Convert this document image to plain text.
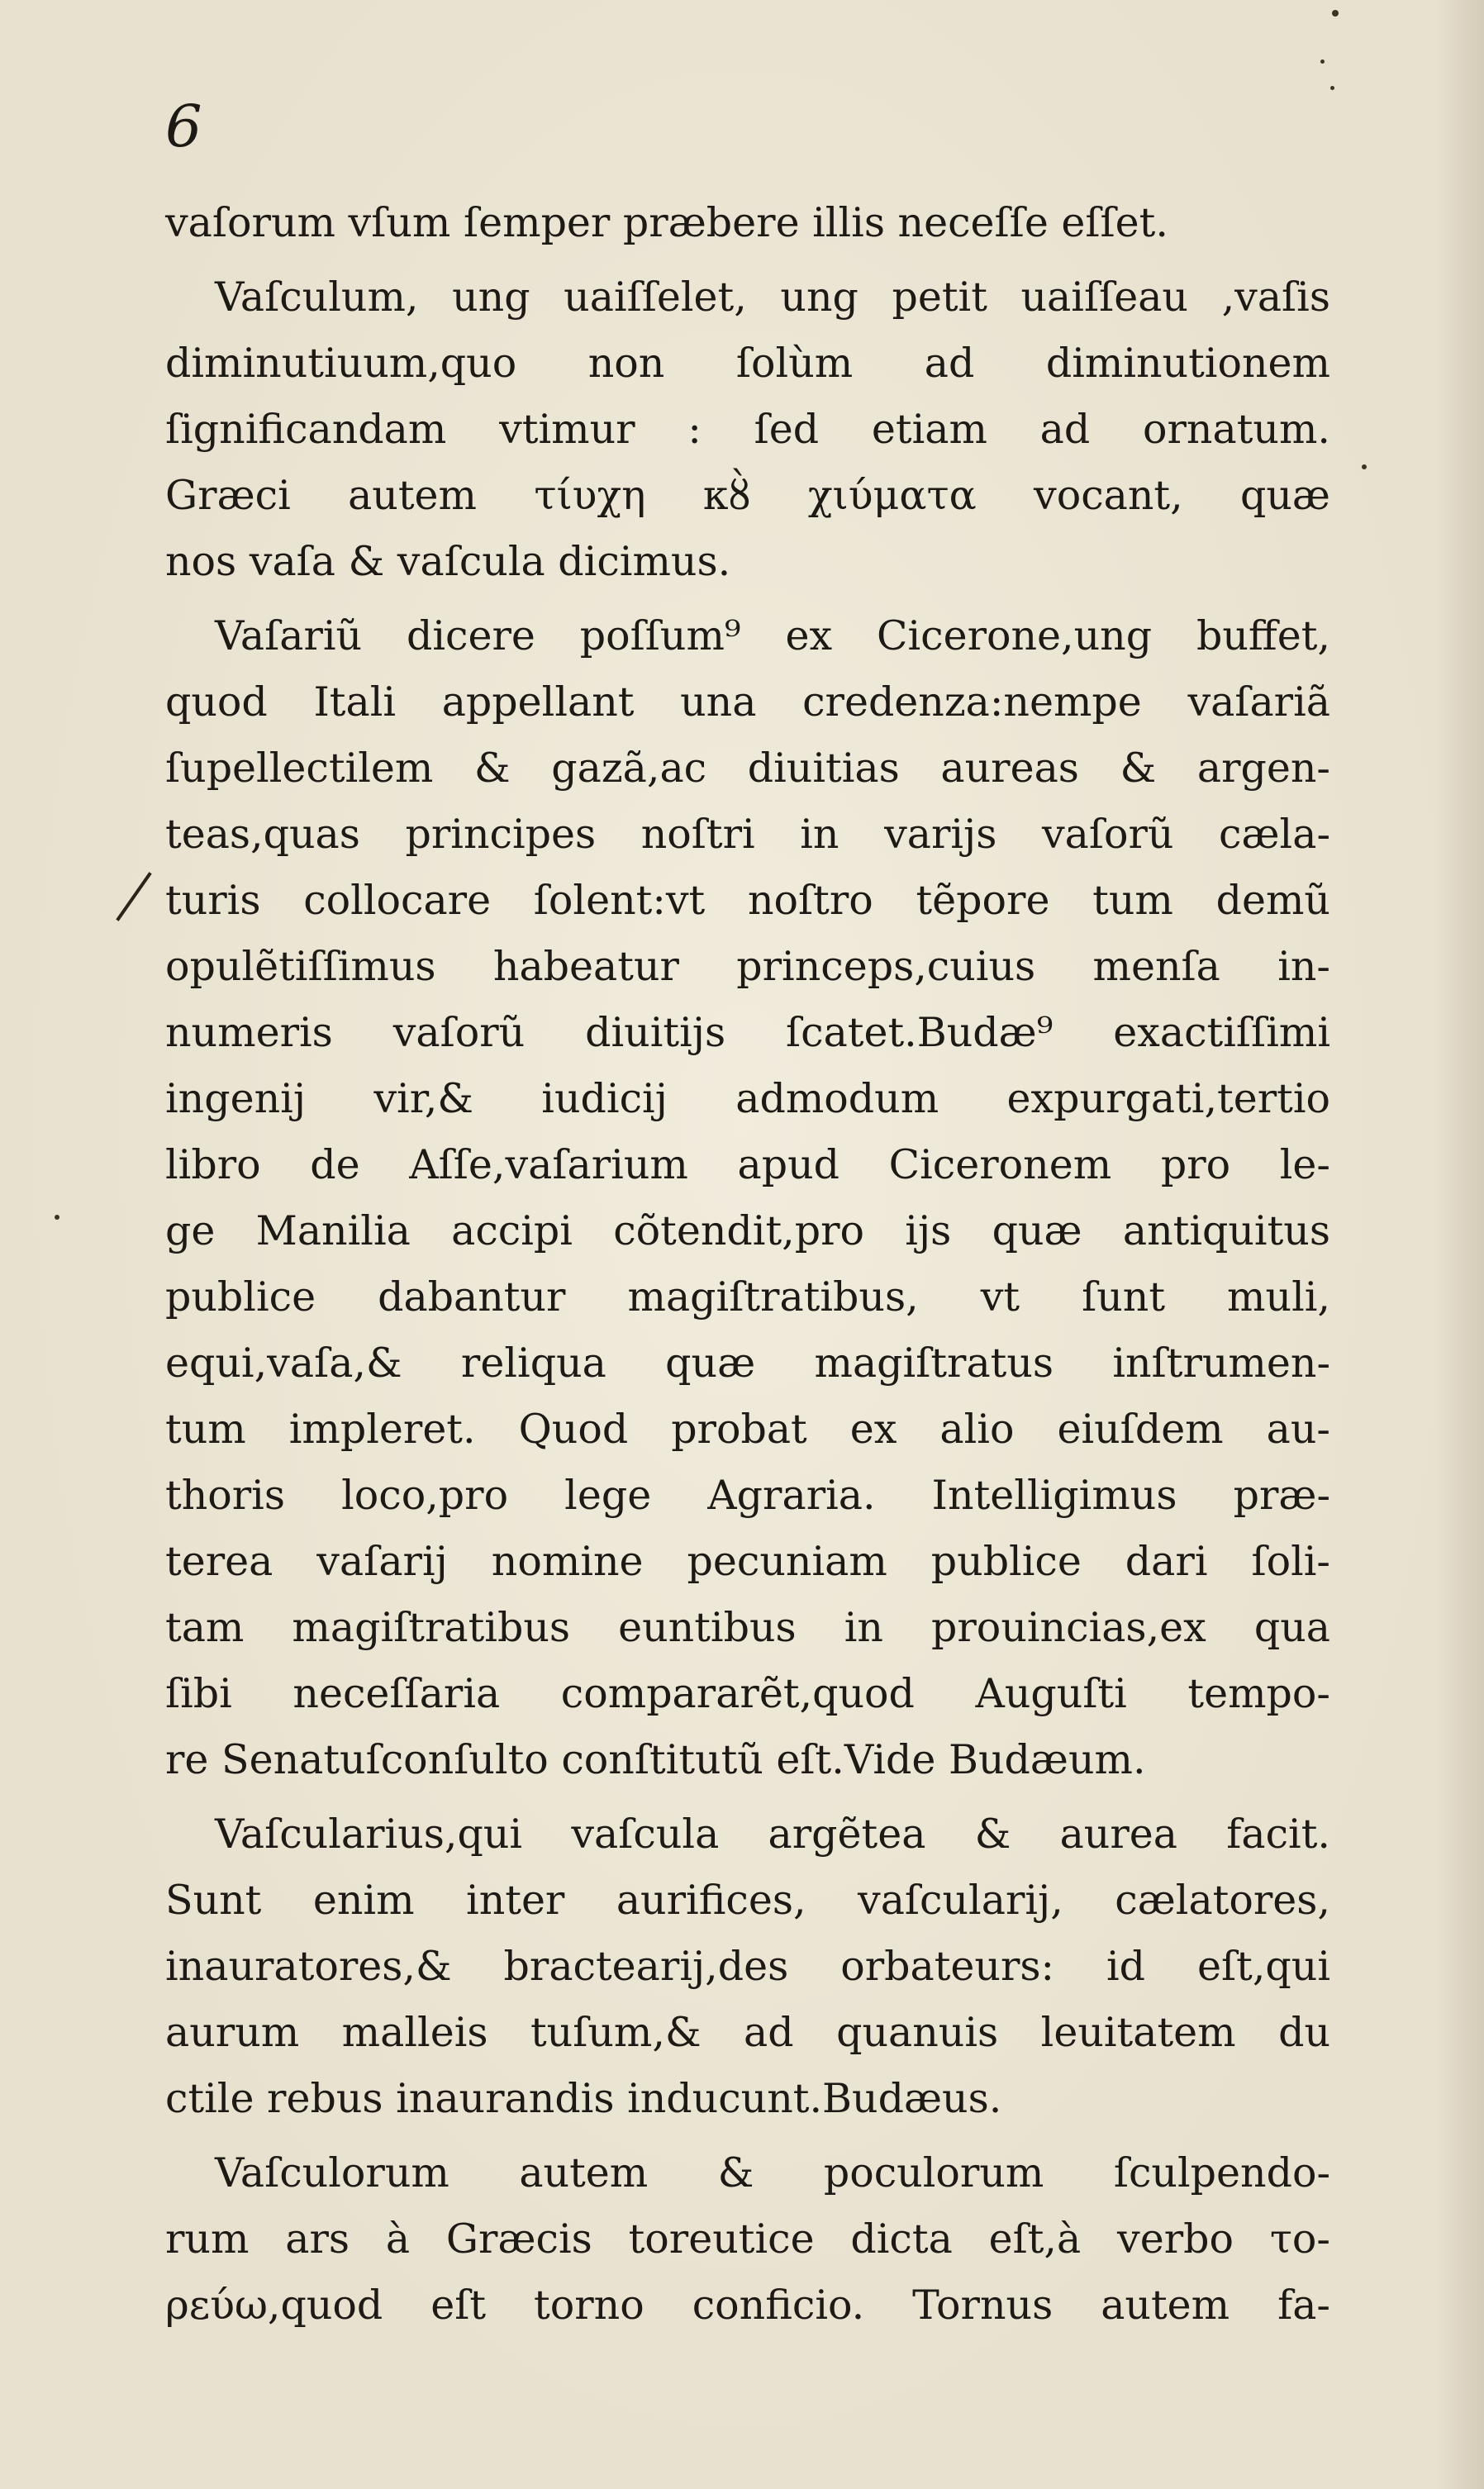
6
vaſorum vſum ſemper præbere illis neceſſe eſſet.
Vaſculum, ung uaiſſelet, ung petit uaiſſeau ,vaſis
diminutiuum,quo non ſolùm ad diminutionem
ſignificandam vtimur : ſed etiam ad ornatum.
Græci autem τίυχη κȣ̀ χιύματα vocant, quæ
nos vaſa & vaſcula dicimus.
Vaſariũ dicere poſſum⁹ ex Cicerone,ung buffet,
quod Itali appellant una credenza:nempe vaſariã
ſupellectilem & gazã,ac diuitias aureas & argen-
teas,quas principes noſtri in varijs vaſorũ cæla-
turis collocare ſolent:vt noſtro tẽpore tum demũ
opulẽtiſſimus habeatur princeps,cuius menſa in-
numeris vaſorũ diuitijs ſcatet.Budæ⁹ exactiſſimi
ingenij vir,& iudicij admodum expurgati,tertio
libro de Aſſe,vaſarium apud Ciceronem pro le-
ge Manilia accipi cõtendit,pro ijs quæ antiquitus
publice dabantur magiſtratibus, vt ſunt muli,
equi,vaſa,& reliqua quæ magiſtratus inſtrumen-
tum impleret. Quod probat ex alio eiuſdem au-
thoris loco,pro lege Agraria. Intelligimus præ-
terea vaſarij nomine pecuniam publice dari ſoli-
tam magiſtratibus euntibus in prouincias,ex qua
ſibi neceſſaria compararẽt,quod Auguſti tempo-
re Senatuſconſulto conſtitutũ eſt.Vide Budæum.
Vaſcularius,qui vaſcula argẽtea & aurea facit.
Sunt enim inter aurifices, vaſcularij, cælatores,
inauratores,& bractearij,des orbateurs: id eſt,qui
aurum malleis tuſum,& ad quanuis leuitatem du
ctile rebus inaurandis inducunt.Budæus.
Vaſculorum autem & poculorum ſculpendo-
rum ars à Græcis toreutice dicta eſt,à verbo το-
ρεύω,quod eſt torno conficio. Tornus autem fa-
